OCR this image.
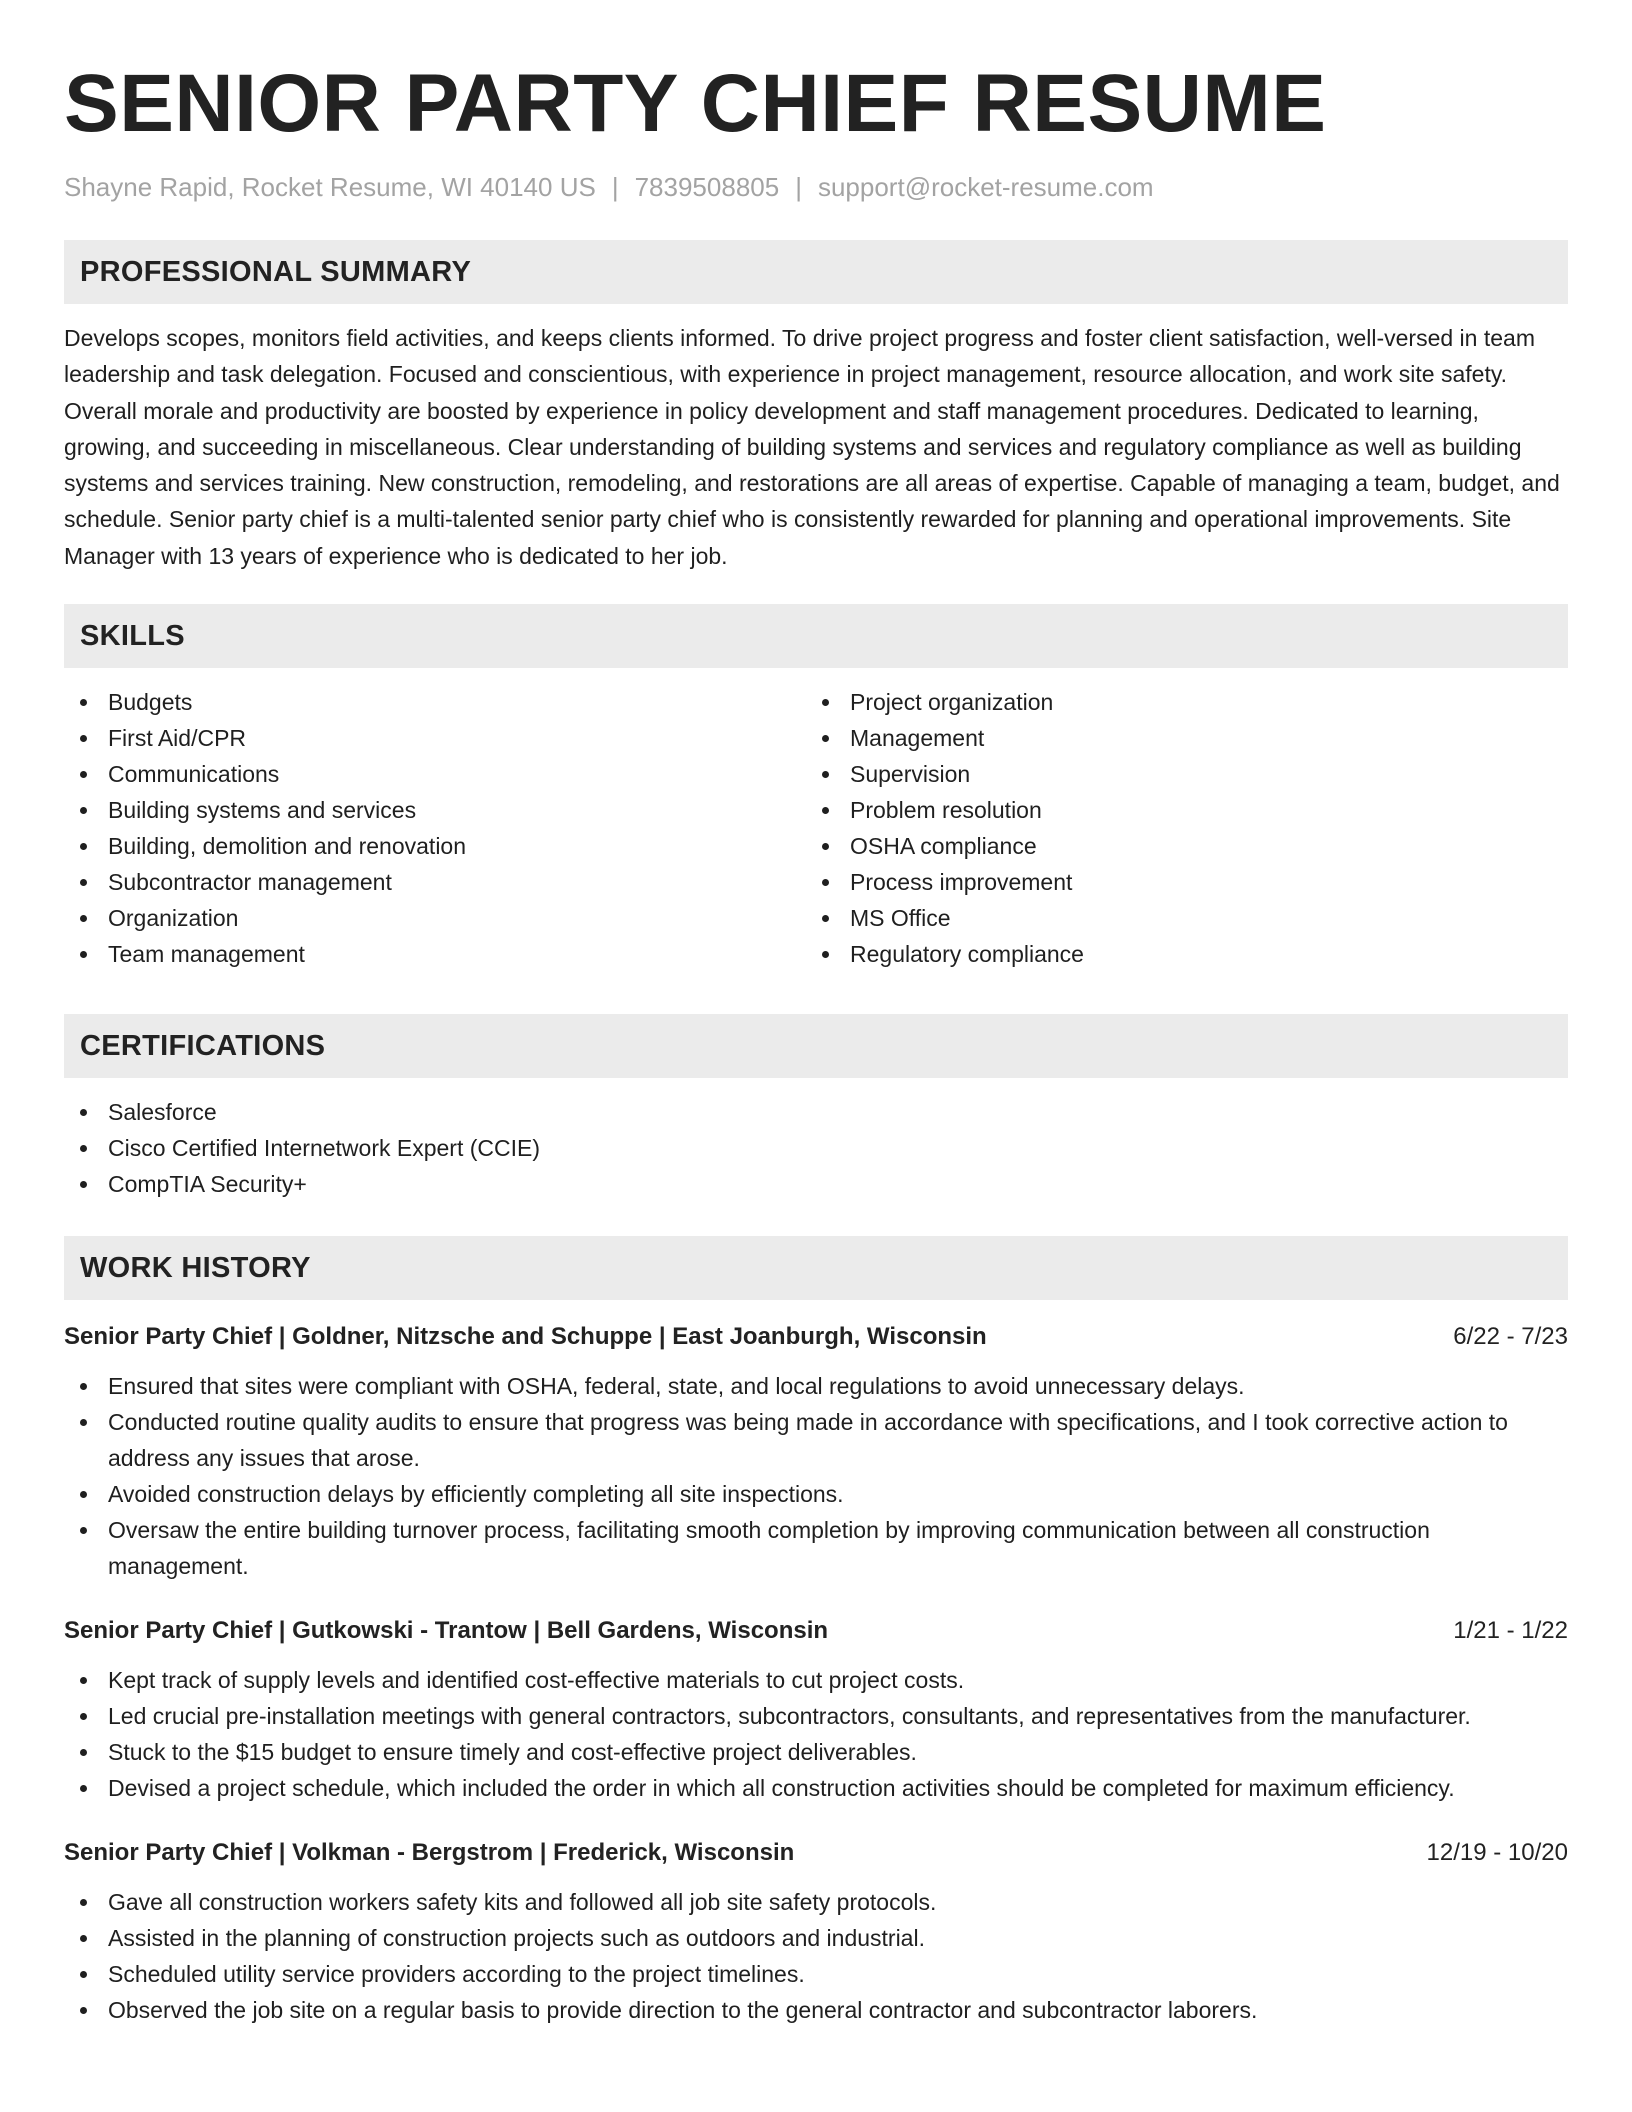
SENIOR PARTY CHIEF RESUME
Shayne Rapid, Rocket Resume, WI 40140 US | 7839508805 | support@rocket-resume.com
PROFESSIONAL SUMMARY

Develops scopes, monitors field activities, and keeps clients informed. To drive project progress and foster client satisfaction, well-versed in team leadership and task delegation. Focused and conscientious, with experience in project management, resource allocation, and work site safety. Overall morale and productivity are boosted by experience in policy development and staff management procedures. Dedicated to learning, growing, and succeeding in miscellaneous. Clear understanding of building systems and services and regulatory compliance as well as building systems and services training. New construction, remodeling, and restorations are all areas of expertise. Capable of managing a team, budget, and schedule. Senior party chief is a multi-talented senior party chief who is consistently rewarded for planning and operational improvements. Site Manager with 13 years of experience who is dedicated to her job.

SKILLS
Budgets
First Aid/CPR
Communications
Building systems and services
Building, demolition and renovation
Subcontractor management
Organization
Team management
Project organization
Management
Supervision
Problem resolution
OSHA compliance
Process improvement
MS Office
Regulatory compliance
CERTIFICATIONS
Salesforce
Cisco Certified Internetwork Expert (CCIE)
CompTIA Security+
WORK HISTORY
Senior Party Chief | Goldner, Nitzsche and Schuppe | East Joanburgh, Wisconsin	6/22 - 7/23
Ensured that sites were compliant with OSHA, federal, state, and local regulations to avoid unnecessary delays.
Conducted routine quality audits to ensure that progress was being made in accordance with specifications, and I took corrective action to address any issues that arose.
Avoided construction delays by efficiently completing all site inspections.
Oversaw the entire building turnover process, facilitating smooth completion by improving communication between all construction management.
Senior Party Chief | Gutkowski - Trantow | Bell Gardens, Wisconsin	1/21 - 1/22
Kept track of supply levels and identified cost-effective materials to cut project costs.
Led crucial pre-installation meetings with general contractors, subcontractors, consultants, and representatives from the manufacturer.
Stuck to the $15 budget to ensure timely and cost-effective project deliverables.
Devised a project schedule, which included the order in which all construction activities should be completed for maximum efficiency.
Senior Party Chief | Volkman - Bergstrom | Frederick, Wisconsin	12/19 - 10/20
Gave all construction workers safety kits and followed all job site safety protocols.
Assisted in the planning of construction projects such as outdoors and industrial.
Scheduled utility service providers according to the project timelines.
Observed the job site on a regular basis to provide direction to the general contractor and subcontractor laborers.
